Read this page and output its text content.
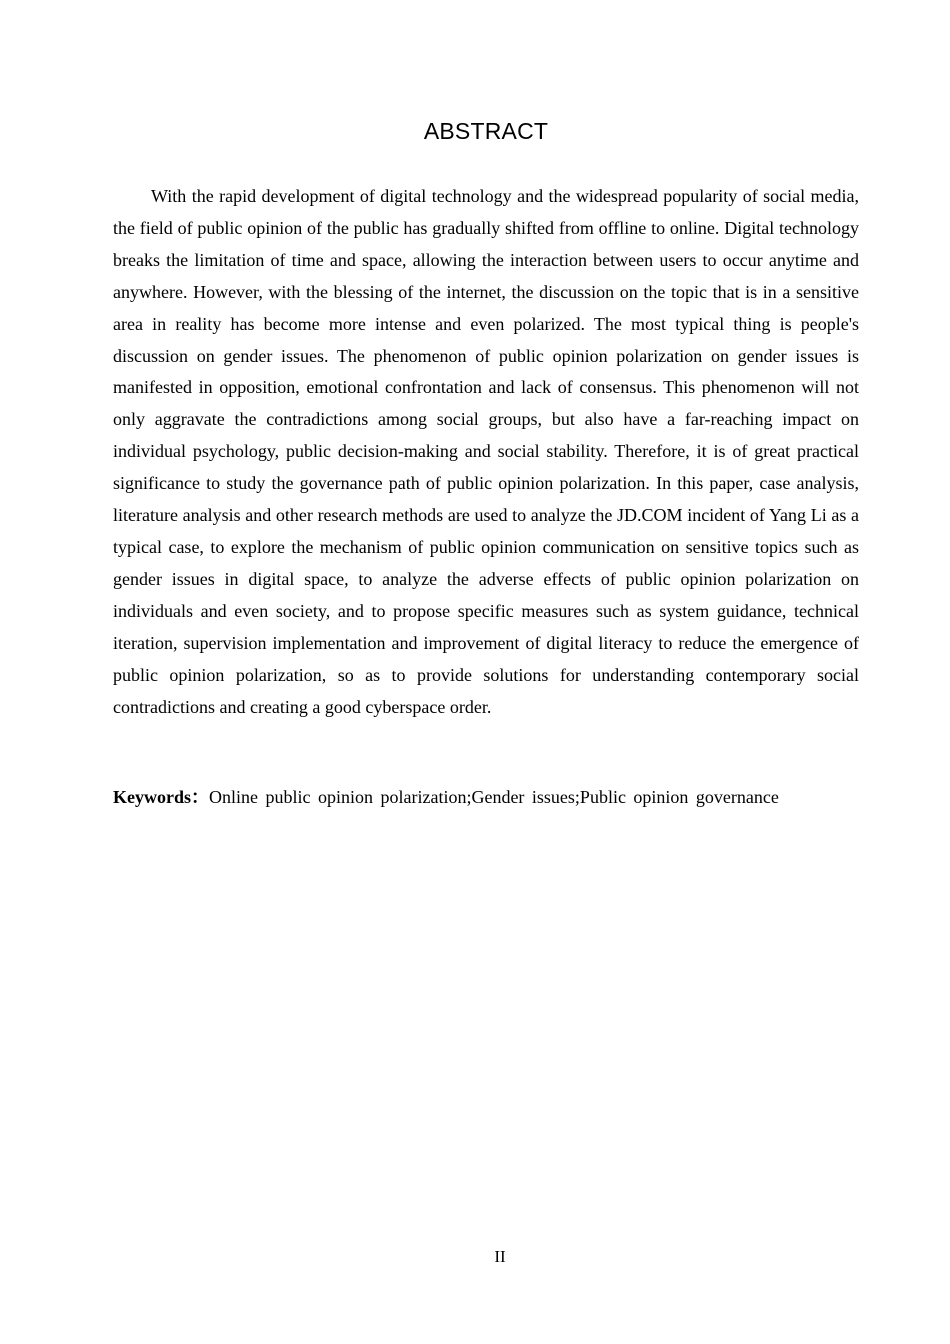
ABSTRACT

With the rapid development of digital technology and the widespread popularity of social media, the field of public opinion of the public has gradually shifted from offline to online. Digital technology breaks the limitation of time and space, allowing the interaction between users to occur anytime and anywhere. However, with the blessing of the internet, the discussion on the topic that is in a sensitive area in reality has become more intense and even polarized. The most typical thing is people's discussion on gender issues. The phenomenon of public opinion polarization on gender issues is manifested in opposition, emotional confrontation and lack of consensus. This phenomenon will not only aggravate the contradictions among social groups, but also have a far-reaching impact on individual psychology, public decision-making and social stability. Therefore, it is of great practical significance to study the governance path of public opinion polarization. In this paper, case analysis, literature analysis and other research methods are used to analyze the JD.COM incident of Yang Li as a typical case, to explore the mechanism of public opinion communication on sensitive topics such as gender issues in digital space, to analyze the adverse effects of public opinion polarization on individuals and even society, and to propose specific measures such as system guidance, technical iteration, supervision implementation and improvement of digital literacy to reduce the emergence of public opinion polarization, so as to provide solutions for understanding contemporary social contradictions and creating a good cyberspace order.

Keywords：Online public opinion polarization;Gender issues;Public opinion governance

II
